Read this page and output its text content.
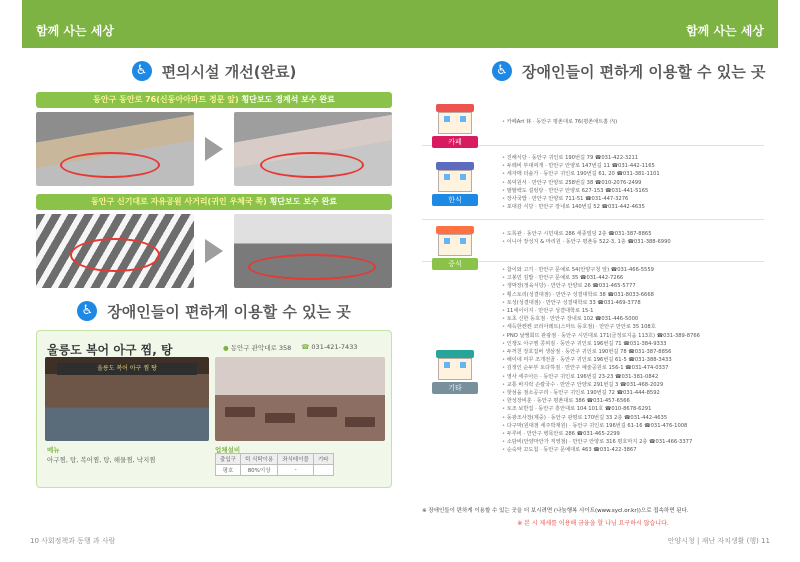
함께 사는 세상	함께 사는 세상
♿ 편의시설 개선(완료)
동안구 동안로 76(신동아아파트 정문 앞) 횡단보도 경계석 보수 완료
동안구 신기대로 자유공원 사거리(귀인 우체국 쪽) 횡단보도 보수 완료
♿ 장애인들이 편하게 이용할 수 있는 곳
울릉도 복어 아구 찜, 탕	● 동안구 관악대로 358 ☎ 031-421-7433
울릉도 복어 아구 찜 탕
메뉴
아구찜, 탕, 복어찜, 탕, 해물찜, 낙지찜
업체설비
출입구	턱 식탁이용	좌식테이블	기타
평호	80%이상	-	
♿ 장애인들이 편하게 이용할 수 있는 곳
카페
• 카페Art 林 · 동안구 평촌대로 76(평촌애트홈 內)
한식
• 진해식당 · 동안구 귀인로 190번길 79 ☎031-422-3211
• 두레비 부대찌개 · 만안구 안양로 147번길 11 ☎031-442-1165
• 세자매 더솔가 · 동안구 귀인로 190번길 61, 20 ☎031-381-1101
• 복덕원서 · 만안구 안양로 258번길 38 ☎010-2076-2499
• 팔팔백도 설렁탕 · 만안구 안양로 627-153 ☎031-441-5165
• 장사국밥 · 만안구 안양로 711-51 ☎031-447-3276
• 포대감 식당 · 만안구 장내로 140번길 52 ☎031-442-4635
중식
• 도록관 · 동안구 시민대로 286 세종빌딩 2층 ☎031-387-8865
• 이니아 장성지 & 마리원 · 동안구 평촌동 522-3, 1층 ☎031-388-6990
기타
• 참이와 고기 · 만안구 문예로 54(안양구청 앞) ☎031-466-5559
• 고봉민 김밥 · 만안구 문예로 35 ☎031-442-7266
• 생막장(정육식당) · 만안구 안양로 26 ☎031-465-5777
• 횡스토리(성결대점) · 만안구 성결대학로 38 ☎031-8033-6668
• 토성(성결대점) · 만안구 성결대학로 33 ☎031-469-3778
• 11세이이지 · 만안구 성결대학로 15-1
• 토초 신한 동호점 · 만안구 장내로 102 ☎031-446-5000
• 세득한켄켄 코리아레트(스마트 동호점) · 만안구 만안로 35 108호
• PNO 날쌩회뜨 관광점 · 동안구 시민대로 171(금정로지움 113호) ☎031-389-8766
• 인쟁도 아구찜 콩찌짐 · 동안구 귀인로 196번길 71 ☎031-384-9333
• 두꺼친 장호집버 생삼점 · 동안구 귀인로 190번길 78 ☎031-387-8856
• 해이네 미꾸 조개전골 · 동안구 귀인로 196번길 61-5 ☎031-388-3433
• 김정인 순두부 토다하점 · 만안구 예술공원로 156-1 ☎031-474-0337
• 영사 세주아든 · 동안구 귀인로 196번길 23-23 ☎031-381-0842
• 교통 바지락 손칼국수 · 만안구 안양로 291번길 3 ☎031-468-2029
• 핫섬을 점소공구리 · 동안구 귀인로 190번길 72 ☎031-444-8592
• 한성장비훈 · 동안구 평촌대로 386 ☎031-457-6566
• 토조 보반집 · 동안구 흥안대로 104 101호 ☎010-8678-6291
• 동광조사장(제중) · 동안구 관평로 170번길 33 2층 ☎031-442-4635
• 다구막(원대점 세주박재원) · 동안구 귀인로 196번길 61-16 ☎031-476-1008
• 두루비 · 만안구 병목안로 286 ☎031-465-2299
• 소담비(안양마안가 직영점) · 만안구 안양로 316 평호마지 2층 ☎031-466-3377
• 순숙악 꼬도칩 · 동안구 문예대로 463 ☎031-422-3867
※ 장애인들이 편하게 이용할 수 있는 곳을 더 보시려면 (나눔행복 사이트(www.sycl.or.kr))으로 접속하면 된다.
※ 본 시 제세를 이용해 금융을 할 나님 요구하시 않습니다.
10 사회정책과 동행 과 사람	안양시청 | 재난 자치생활 (행) 11
